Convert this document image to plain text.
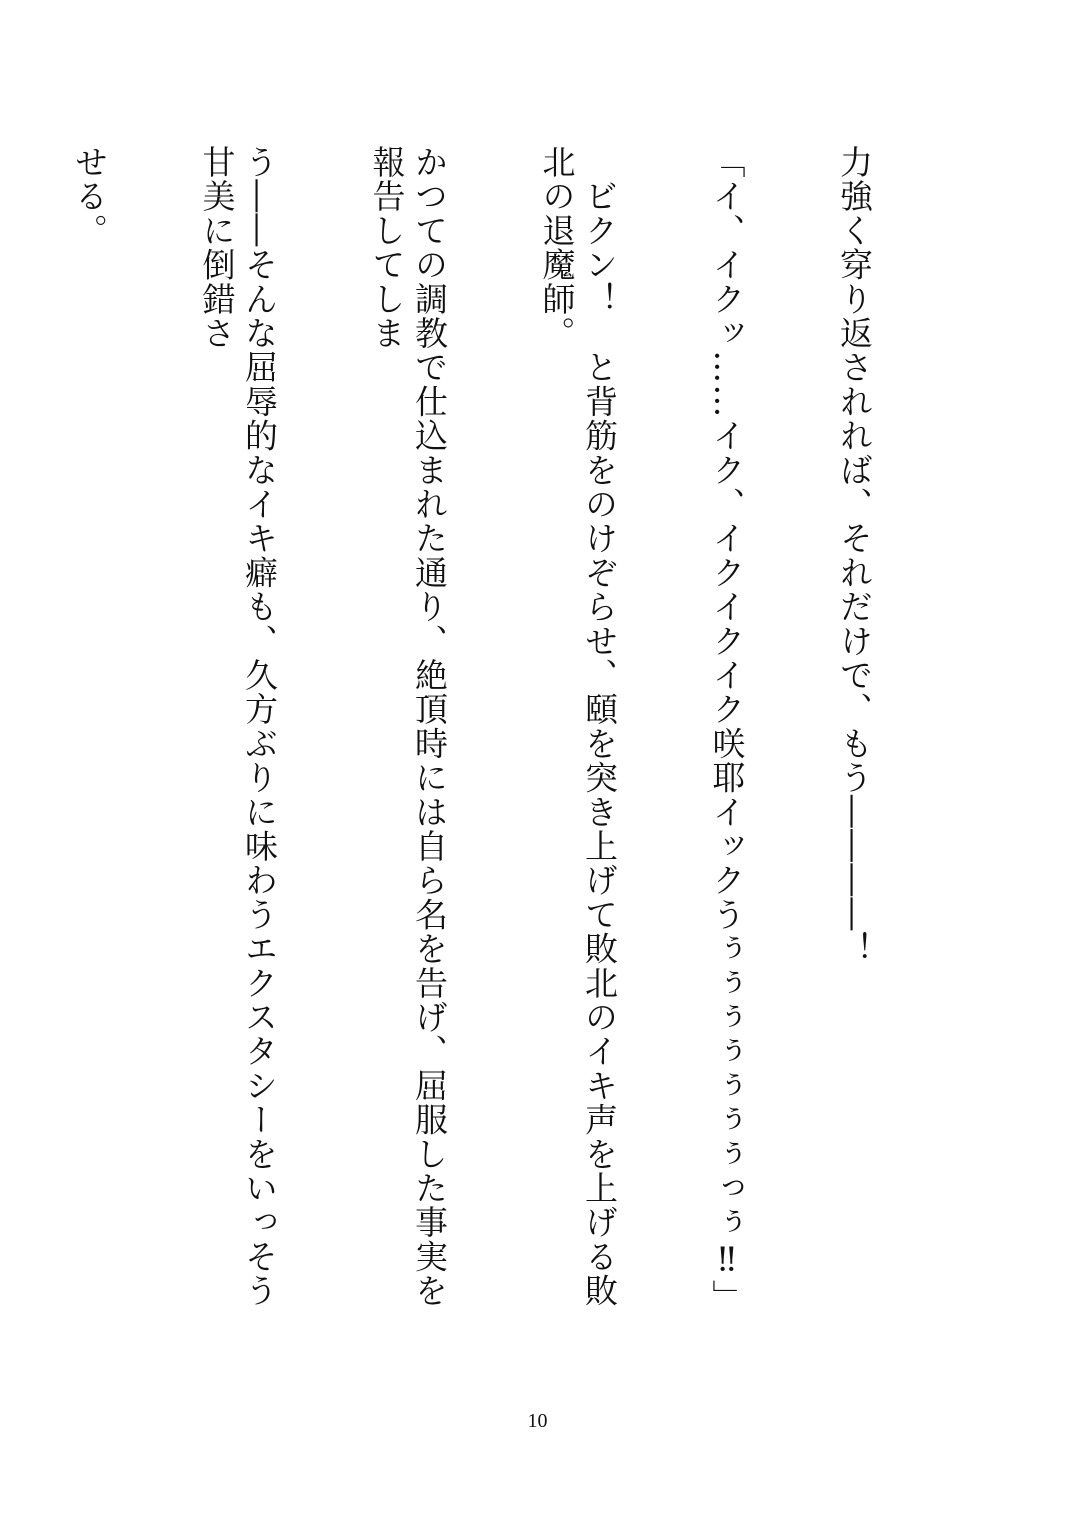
力強く穿り返されれば、それだけで、もう――――！

「イ、イクッ……イク、イクイクイク咲耶イックうぅぅぅぅぅぅぅっぅ‼」

　ビクン！　と背筋をのけぞらせ、頤を突き上げて敗北のイキ声を上げる敗北の退魔師。

かつての調教で仕込まれた通り、絶頂時には自ら名を告げ、屈服した事実を報告してしま

う――そんな屈辱的なイキ癖も、久方ぶりに味わうエクスタシーをいっそう甘美に倒錯さ

せる。

10
